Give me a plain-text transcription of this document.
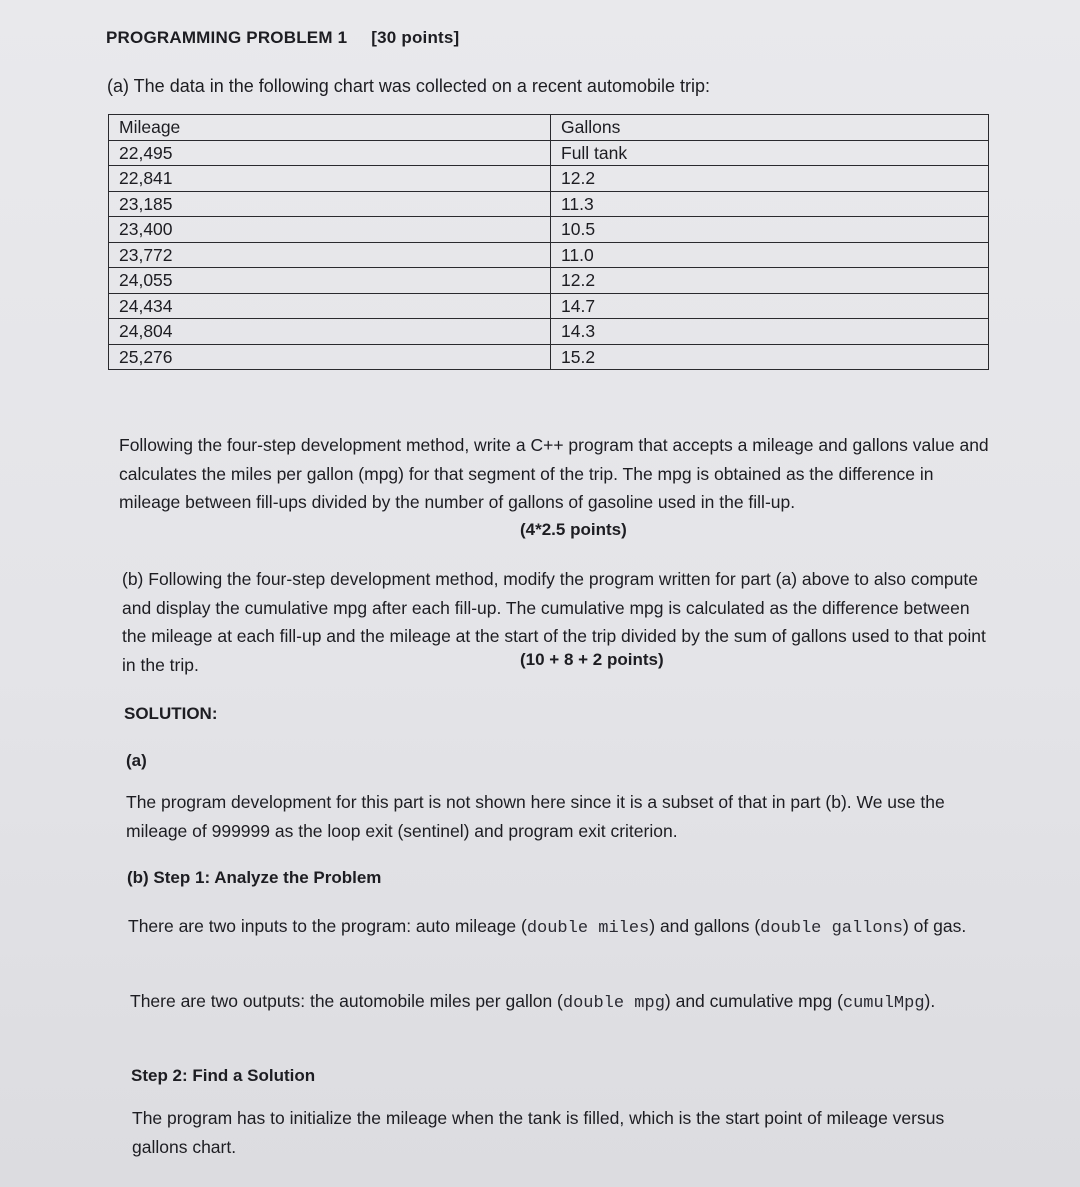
PROGRAMMING PROBLEM 1 [30 points]
(a) The data in the following chart was collected on a recent automobile trip:
Mileage	Gallons
22,495	Full tank
22,841	12.2
23,185	11.3
23,400	10.5
23,772	11.0
24,055	12.2
24,434	14.7
24,804	14.3
25,276	15.2
Following the four-step development method, write a C++ program that accepts a mileage and gallons value and calculates the miles per gallon (mpg) for that segment of the trip. The mpg is obtained as the difference in mileage between fill-ups divided by the number of gallons of gasoline used in the fill-up.
(4*2.5 points)
(b) Following the four-step development method, modify the program written for part (a) above to also compute and display the cumulative mpg after each fill-up. The cumulative mpg is calculated as the difference between the mileage at each fill-up and the mileage at the start of the trip divided by the sum of gallons used to that point in the trip.	(10 + 8 + 2 points)
SOLUTION:
(a)
The program development for this part is not shown here since it is a subset of that in part (b). We use the mileage of 999999 as the loop exit (sentinel) and program exit criterion.
(b) Step 1: Analyze the Problem
There are two inputs to the program: auto mileage (double miles) and gallons (double gallons) of gas.
There are two outputs: the automobile miles per gallon (double mpg) and cumulative mpg (cumulMpg).
Step 2: Find a Solution
The program has to initialize the mileage when the tank is filled, which is the start point of mileage versus gallons chart.
